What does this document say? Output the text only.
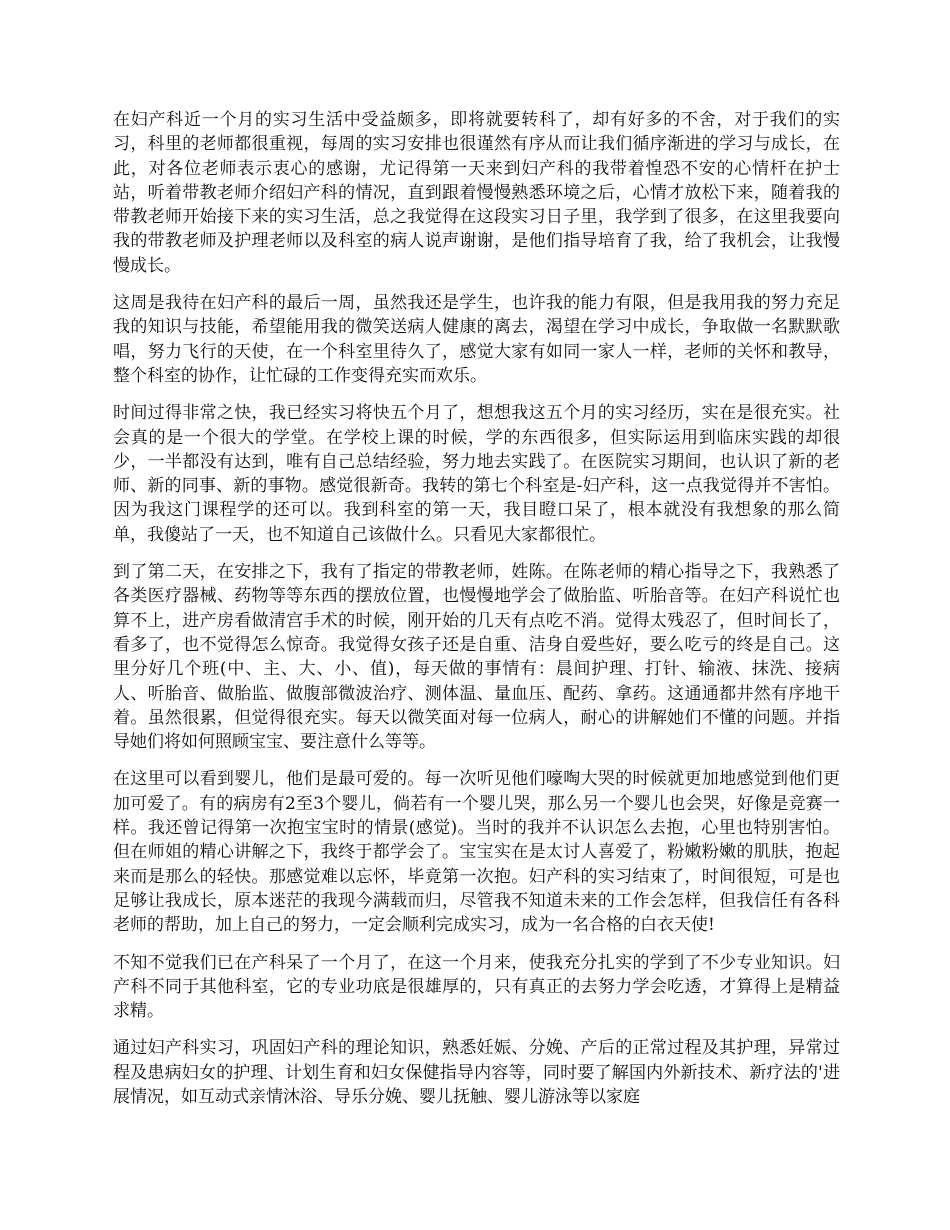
在妇产科近一个月的实习生活中受益颇多，即将就要转科了，却有好多的不舍，对于我们的实习，科里的老师都很重视，每周的实习安排也很谨然有序从而让我们循序渐进的学习与成长，在此，对各位老师表示衷心的感谢，尤记得第一天来到妇产科的我带着惶恐不安的心情杆在护士站，听着带教老师介绍妇产科的情况，直到跟着慢慢熟悉环境之后，心情才放松下来，随着我的带教老师开始接下来的实习生活，总之我觉得在这段实习日子里，我学到了很多，在这里我要向我的带教老师及护理老师以及科室的病人说声谢谢，是他们指导培育了我，给了我机会，让我慢慢成长。

这周是我待在妇产科的最后一周，虽然我还是学生，也许我的能力有限，但是我用我的努力充足我的知识与技能，希望能用我的微笑送病人健康的离去，渴望在学习中成长，争取做一名默默歌唱，努力飞行的天使，在一个科室里待久了，感觉大家有如同一家人一样，老师的关怀和教导，整个科室的协作，让忙碌的工作变得充实而欢乐。

时间过得非常之快，我已经实习将快五个月了，想想我这五个月的实习经历，实在是很充实。社会真的是一个很大的学堂。在学校上课的时候，学的东西很多，但实际运用到临床实践的却很少，一半都没有达到，唯有自己总结经验，努力地去实践了。在医院实习期间，也认识了新的老师、新的同事、新的事物。感觉很新奇。我转的第七个科室是-妇产科，这一点我觉得并不害怕。因为我这门课程学的还可以。我到科室的第一天，我目瞪口呆了，根本就没有我想象的那么简单，我傻站了一天，也不知道自己该做什么。只看见大家都很忙。

到了第二天，在安排之下，我有了指定的带教老师，姓陈。在陈老师的精心指导之下，我熟悉了各类医疗器械、药物等等东西的摆放位置，也慢慢地学会了做胎监、听胎音等。在妇产科说忙也算不上，进产房看做清宫手术的时候，刚开始的几天有点吃不消。觉得太残忍了，但时间长了，看多了，也不觉得怎么惊奇。我觉得女孩子还是自重、洁身自爱些好，要么吃亏的终是自己。这里分好几个班(中、主、大、小、值)，每天做的事情有：晨间护理、打针、输液、抹洗、接病人、听胎音、做胎监、做腹部微波治疗、测体温、量血压、配药、拿药。这通通都井然有序地干着。虽然很累，但觉得很充实。每天以微笑面对每一位病人，耐心的讲解她们不懂的问题。并指导她们将如何照顾宝宝、要注意什么等等。

在这里可以看到婴儿，他们是最可爱的。每一次听见他们嚎啕大哭的时候就更加地感觉到他们更加可爱了。有的病房有2至3个婴儿，倘若有一个婴儿哭，那么另一个婴儿也会哭，好像是竞赛一样。我还曾记得第一次抱宝宝时的情景(感觉)。当时的我并不认识怎么去抱，心里也特别害怕。但在师姐的精心讲解之下，我终于都学会了。宝宝实在是太讨人喜爱了，粉嫩粉嫩的肌肤，抱起来而是那么的轻快。那感觉难以忘怀，毕竟第一次抱。妇产科的实习结束了，时间很短，可是也足够让我成长，原本迷茫的我现今满载而归，尽管我不知道未来的工作会怎样，但我信任有各科老师的帮助，加上自己的努力，一定会顺利完成实习，成为一名合格的白衣天使!

不知不觉我们已在产科呆了一个月了，在这一个月来，使我充分扎实的学到了不少专业知识。妇产科不同于其他科室，它的专业功底是很雄厚的，只有真正的去努力学会吃透，才算得上是精益求精。

通过妇产科实习，巩固妇产科的理论知识，熟悉妊娠、分娩、产后的正常过程及其护理，异常过程及患病妇女的护理、计划生育和妇女保健指导内容等，同时要了解国内外新技术、新疗法的'进展情况，如互动式亲情沐浴、导乐分娩、婴儿抚触、婴儿游泳等以家庭
